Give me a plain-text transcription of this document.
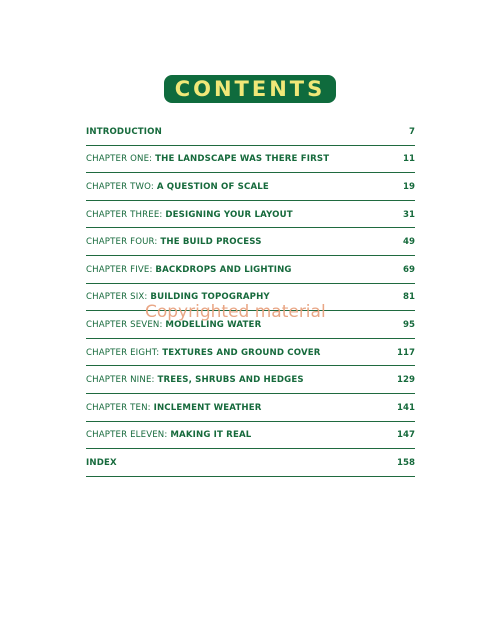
CONTENTS
INTRODUCTION	7
CHAPTER ONE: THE LANDSCAPE WAS THERE FIRST	11
CHAPTER TWO: A QUESTION OF SCALE	19
CHAPTER THREE: DESIGNING YOUR LAYOUT	31
CHAPTER FOUR: THE BUILD PROCESS	49
CHAPTER FIVE: BACKDROPS AND LIGHTING	69
CHAPTER SIX: BUILDING TOPOGRAPHY	81
CHAPTER SEVEN: MODELLING WATER	95
CHAPTER EIGHT: TEXTURES AND GROUND COVER	117
CHAPTER NINE: TREES, SHRUBS AND HEDGES	129
CHAPTER TEN: INCLEMENT WEATHER	141
CHAPTER ELEVEN: MAKING IT REAL	147
INDEX	158
Copyrighted material
